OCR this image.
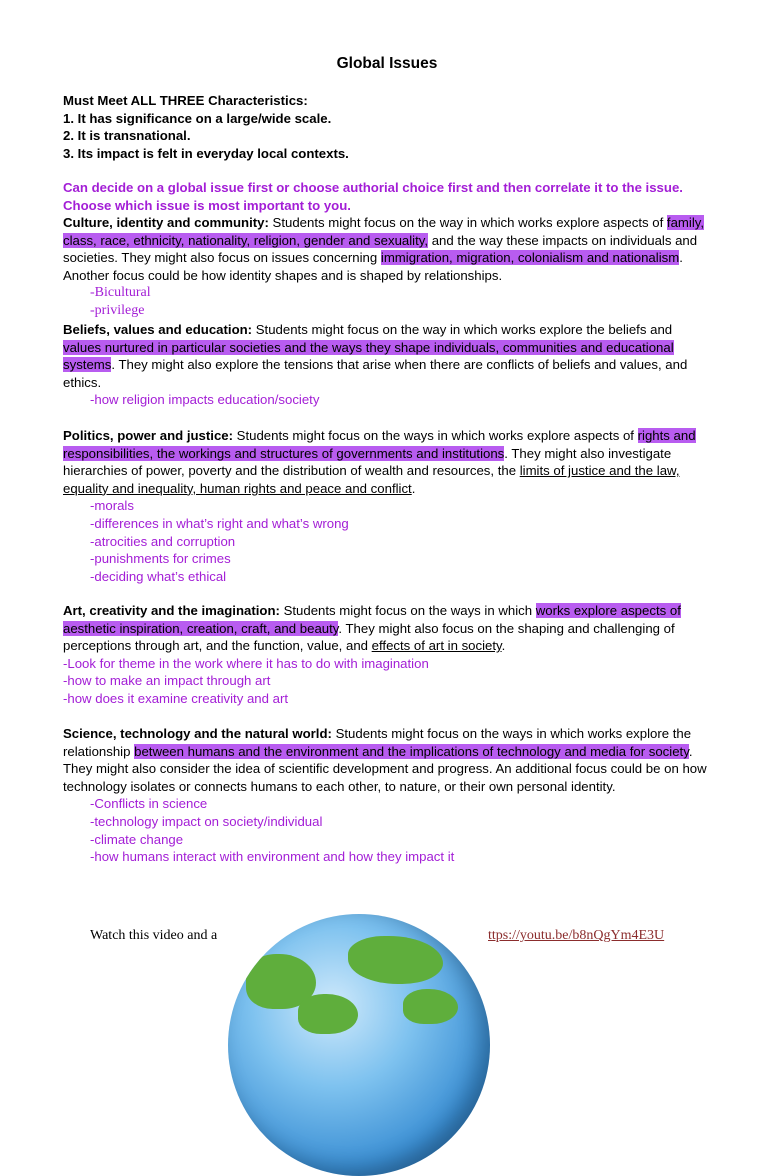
Global Issues
Must Meet ALL THREE Characteristics:
1. It has significance on a large/wide scale.
2. It is transnational.
3. Its impact is felt in everyday local contexts.
Can decide on a global issue first or choose authorial choice first and then correlate it to the issue.
Choose which issue is most important to you.
Culture, identity and community: Students might focus on the way in which works explore aspects of family, class, race, ethnicity, nationality, religion, gender and sexuality, and the way these impacts on individuals and societies. They might also focus on issues concerning immigration, migration, colonialism and nationalism. Another focus could be how identity shapes and is shaped by relationships.
-Bicultural
-privilege
Beliefs, values and education: Students might focus on the way in which works explore the beliefs and values nurtured in particular societies and the ways they shape individuals, communities and educational systems. They might also explore the tensions that arise when there are conflicts of beliefs and values, and ethics.
-how religion impacts education/society
Politics, power and justice: Students might focus on the ways in which works explore aspects of rights and responsibilities, the workings and structures of governments and institutions. They might also investigate hierarchies of power, poverty and the distribution of wealth and resources, the limits of justice and the law, equality and inequality, human rights and peace and conflict.
-morals
-differences in what’s right and what’s wrong
-atrocities and corruption
-punishments for crimes
-deciding what’s ethical
Art, creativity and the imagination: Students might focus on the ways in which works explore aspects of aesthetic inspiration, creation, craft, and beauty. They might also focus on the shaping and challenging of perceptions through art, and the function, value, and effects of art in society.
-Look for theme in the work where it has to do with imagination
-how to make an impact through art
-how does it examine creativity and art
Science, technology and the natural world: Students might focus on the ways in which works explore the relationship between humans and the environment and the implications of technology and media for society. They might also consider the idea of scientific development and progress. An additional focus could be on how technology isolates or connects humans to each other, to nature, or their own personal identity.
-Conflicts in science
-technology impact on society/individual
-climate change
-how humans interact with environment and how they impact it
Watch this video and a	ttps://youtu.be/b8nQgYm4E3U
